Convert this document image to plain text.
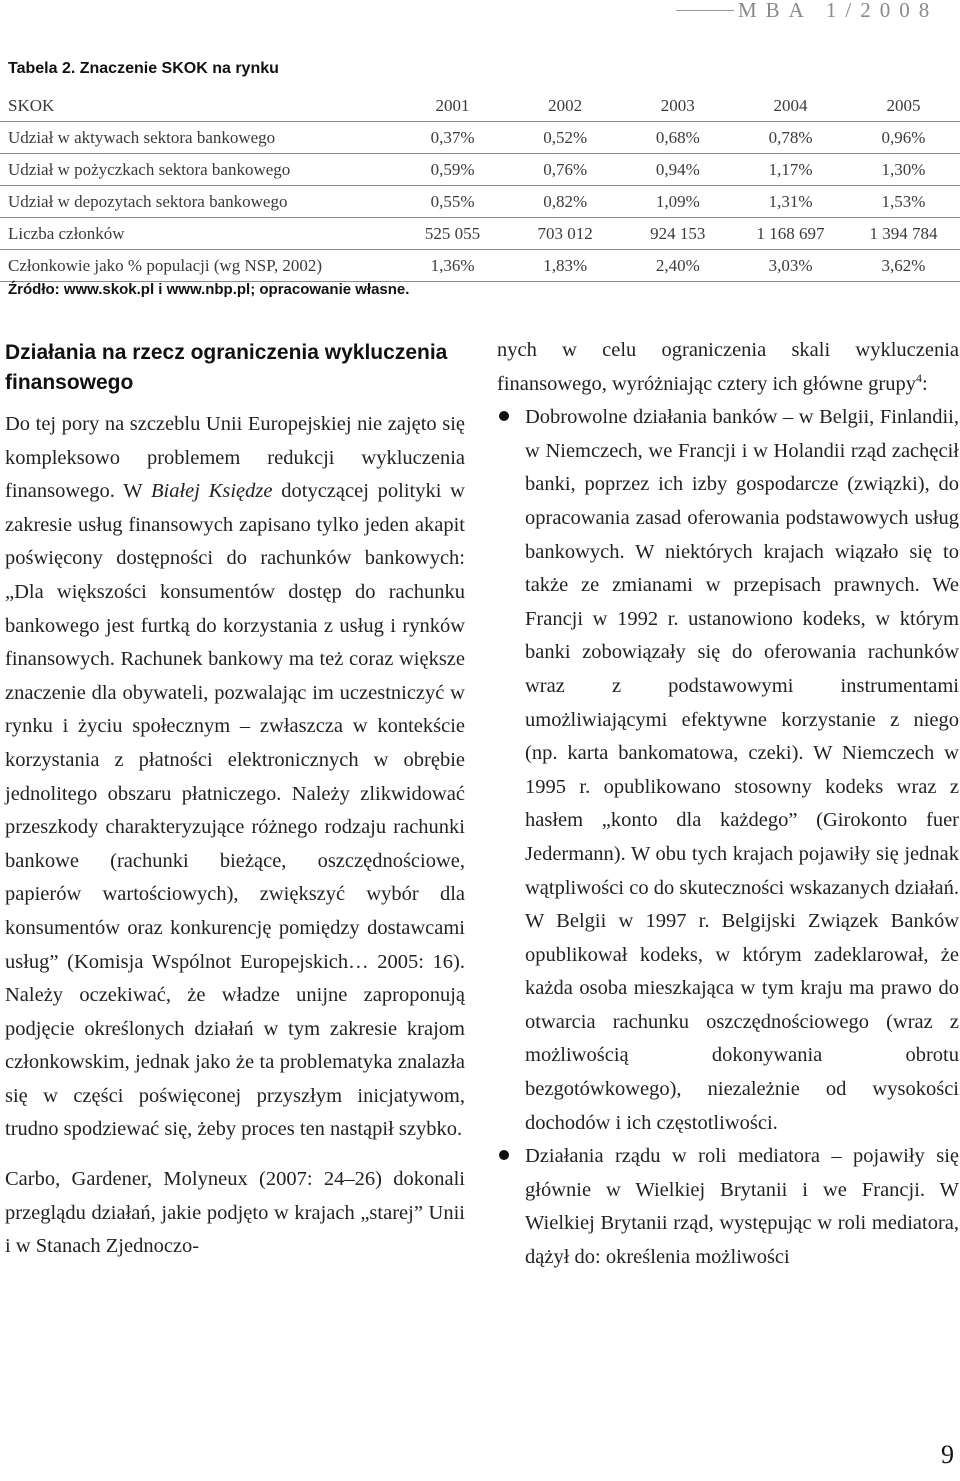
MBA 1/2008
Tabela 2. Znaczenie SKOK na rynku
SKOK	2001	2002	2003	2004	2005
Udział w aktywach sektora bankowego	0,37%	0,52%	0,68%	0,78%	0,96%
Udział w pożyczkach sektora bankowego	0,59%	0,76%	0,94%	1,17%	1,30%
Udział w depozytach sektora bankowego	0,55%	0,82%	1,09%	1,31%	1,53%
Liczba członków	525 055	703 012	924 153	1 168 697	1 394 784
Członkowie jako % populacji (wg NSP, 2002)	1,36%	1,83%	2,40%	3,03%	3,62%
Źródło: www.skok.pl i www.nbp.pl; opracowanie własne.
Działania na rzecz ograniczenia wykluczenia finansowego

Do tej pory na szczeblu Unii Europejskiej nie zajęto się kompleksowo problemem redukcji wykluczenia finansowego. W Białej Księdze dotyczącej polityki w zakresie usług finansowych zapisano tylko jeden akapit poświęcony dostępności do rachunków bankowych: „Dla większości konsumentów dostęp do rachunku bankowego jest furtką do korzystania z usług i rynków finansowych. Rachunek bankowy ma też coraz większe znaczenie dla obywateli, pozwalając im uczestniczyć w rynku i życiu społecznym – zwłaszcza w kontekście korzystania z płatności elektronicznych w obrębie jednolitego obszaru płatniczego. Należy zlikwidować przeszkody charakteryzujące różnego rodzaju rachunki bankowe (rachunki bieżące, oszczędnościowe, papierów wartościowych), zwiększyć wybór dla konsumentów oraz konkurencję pomiędzy dostawcami usług” (Komisja Wspólnot Europejskich… 2005: 16). Należy oczekiwać, że władze unijne zaproponują podjęcie określonych działań w tym zakresie krajom członkowskim, jednak jako że ta problematyka znalazła się w części poświęconej przyszłym inicjatywom, trudno spodziewać się, żeby proces ten nastąpił szybko.

Carbo, Gardener, Molyneux (2007: 24–26) dokonali przeglądu działań, jakie podjęto w krajach „starej” Unii i w Stanach Zjednoczo-

nych w celu ograniczenia skali wykluczenia finansowego, wyróżniając cztery ich główne grupy$^4$:

Dobrowolne działania banków – w Belgii, Finlandii, w Niemczech, we Francji i w Holandii rząd zachęcił banki, poprzez ich izby gospodarcze (związki), do opracowania zasad oferowania podstawowych usług bankowych. W niektórych krajach wiązało się to także ze zmianami w przepisach prawnych. We Francji w 1992 r. ustanowiono kodeks, w którym banki zobowiązały się do oferowania rachunków wraz z podstawowymi instrumentami umożliwiającymi efektywne korzystanie z niego (np. karta bankomatowa, czeki). W Niemczech w 1995 r. opublikowano stosowny kodeks wraz z hasłem „konto dla każdego” (Girokonto fuer Jedermann). W obu tych krajach pojawiły się jednak wątpliwości co do skuteczności wskazanych działań. W Belgii w 1997 r. Belgijski Związek Banków opublikował kodeks, w którym zadeklarował, że każda osoba mieszkająca w tym kraju ma prawo do otwarcia rachunku oszczędnościowego (wraz z możliwością dokonywania obrotu bezgotówkowego), niezależnie od wysokości dochodów i ich częstotliwości.

Działania rządu w roli mediatora – pojawiły się głównie w Wielkiej Brytanii i we Francji. W Wielkiej Brytanii rząd, występując w roli mediatora, dążył do: określenia możliwości

9
